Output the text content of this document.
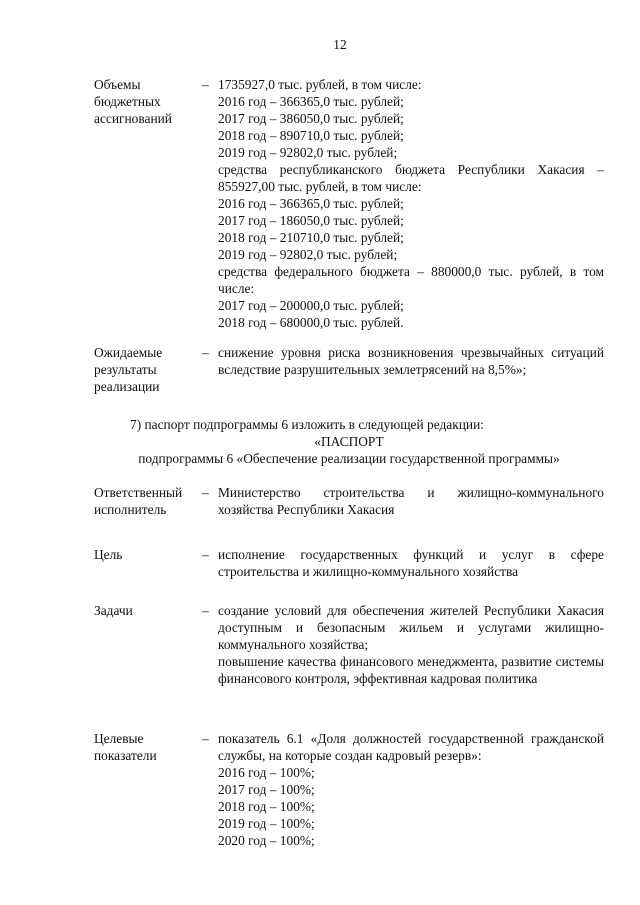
12
Объемы
бюджетных
ассигнований
– 1735927,0 тыс. рублей, в том числе:
2016 год – 366365,0 тыс. рублей;
2017 год – 386050,0 тыс. рублей;
2018 год – 890710,0 тыс. рублей;
2019 год – 92802,0 тыс. рублей;
средства республиканского бюджета Республики Хакасия – 855927,00 тыс. рублей, в том числе:
2016 год – 366365,0 тыс. рублей;
2017 год – 186050,0 тыс. рублей;
2018 год – 210710,0 тыс. рублей;
2019 год – 92802,0 тыс. рублей;
средства федерального бюджета – 880000,0 тыс. рублей, в том числе:
2017 год – 200000,0 тыс. рублей;
2018 год – 680000,0 тыс. рублей.
Ожидаемые
результаты
реализации
– снижение уровня риска возникновения чрезвычайных ситуаций вследствие разрушительных землетрясений на 8,5%»;
7) паспорт подпрограммы 6 изложить в следующей редакции:
«ПАСПОРТ
подпрограммы 6 «Обеспечение реализации государственной программы»
Ответственный
исполнитель
– Министерство строительства и жилищно-коммунального хозяйства Республики Хакасия
Цель	– исполнение государственных функций и услуг в сфере строительства и жилищно-коммунального хозяйства
Задачи	– создание условий для обеспечения жителей Республики Хакасия доступным и безопасным жильем и услугами жилищно-коммунального хозяйства;
повышение качества финансового менеджмента, развитие системы финансового контроля, эффективная кадровая политика
Целевые
показатели
– показатель 6.1 «Доля должностей государственной гражданской службы, на которые создан кадровый резерв»:
2016 год – 100%;
2017 год – 100%;
2018 год – 100%;
2019 год – 100%;
2020 год – 100%;
